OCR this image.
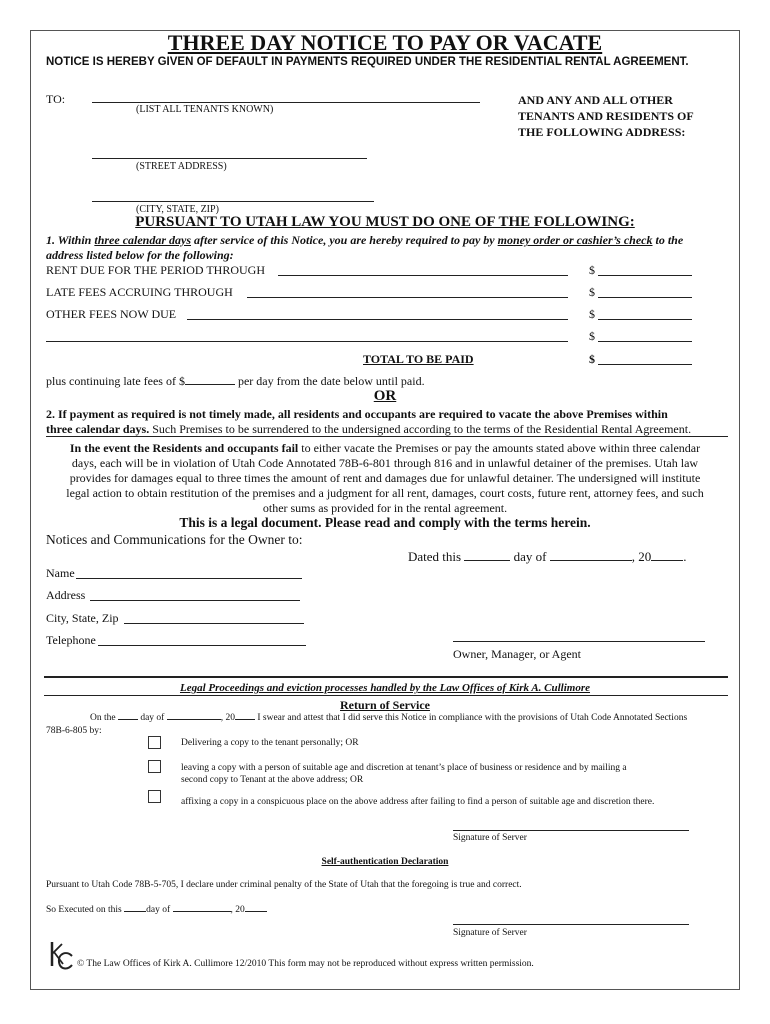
THREE DAY NOTICE TO PAY OR VACATE
NOTICE IS HEREBY GIVEN OF DEFAULT IN PAYMENTS REQUIRED UNDER THE RESIDENTIAL RENTAL AGREEMENT.
TO:
(LIST ALL TENANTS KNOWN)
AND ANY AND ALL OTHER
TENANTS AND RESIDENTS OF
THE FOLLOWING ADDRESS:
(STREET ADDRESS)
(CITY, STATE, ZIP)
PURSUANT TO UTAH LAW YOU MUST DO ONE OF THE FOLLOWING:
1. Within three calendar days after service of this Notice, you are hereby required to pay by money order or cashier’s check to the
address listed below for the following:
RENT DUE FOR THE PERIOD THROUGH	$
LATE FEES ACCRUING THROUGH	$
OTHER FEES NOW DUE	$
$
TOTAL TO BE PAID	$
plus continuing late fees of $	per day from the date below until paid.
OR
2. If payment as required is not timely made, all residents and occupants are required to vacate the above Premises within
three calendar days. Such Premises to be surrendered to the undersigned according to the terms of the Residential Rental Agreement.
In the event the Residents and occupants fail to either vacate the Premises or pay the amounts stated above within three calendar
days, each will be in violation of Utah Code Annotated 78B-6-801 through 816 and in unlawful detainer of the premises. Utah law
provides for damages equal to three times the amount of rent and damages due for unlawful detainer. The undersigned will institute
legal action to obtain restitution of the premises and a judgment for all rent, damages, court costs, future rent, attorney fees, and such
other sums as provided for in the rental agreement.
This is a legal document. Please read and comply with the terms herein.
Notices and Communications for the Owner to:
Dated this	day of	, 20 .
Name
Address
City, State, Zip
Telephone
Owner, Manager, or Agent
Legal Proceedings and eviction processes handled by the Law Offices of Kirk A. Cullimore
Return of Service
On the  day of	, 20 I swear and attest that I did serve this Notice in compliance with the provisions of Utah Code Annotated Sections
78B-6-805 by:
Delivering a copy to the tenant personally; OR
leaving a copy with a person of suitable age and discretion at tenant’s place of business or residence and by mailing a
second copy to Tenant at the above address; OR
affixing a copy in a conspicuous place on the above address after failing to find a person of suitable age and discretion there.
Signature of Server
Self-authentication Declaration
Pursuant to Utah Code 78B-5-705, I declare under criminal penalty of the State of Utah that the foregoing is true and correct.
So Executed on this day of	, 20
Signature of Server
© The Law Offices of Kirk A. Cullimore 12/2010 This form may not be reproduced without express written permission.
